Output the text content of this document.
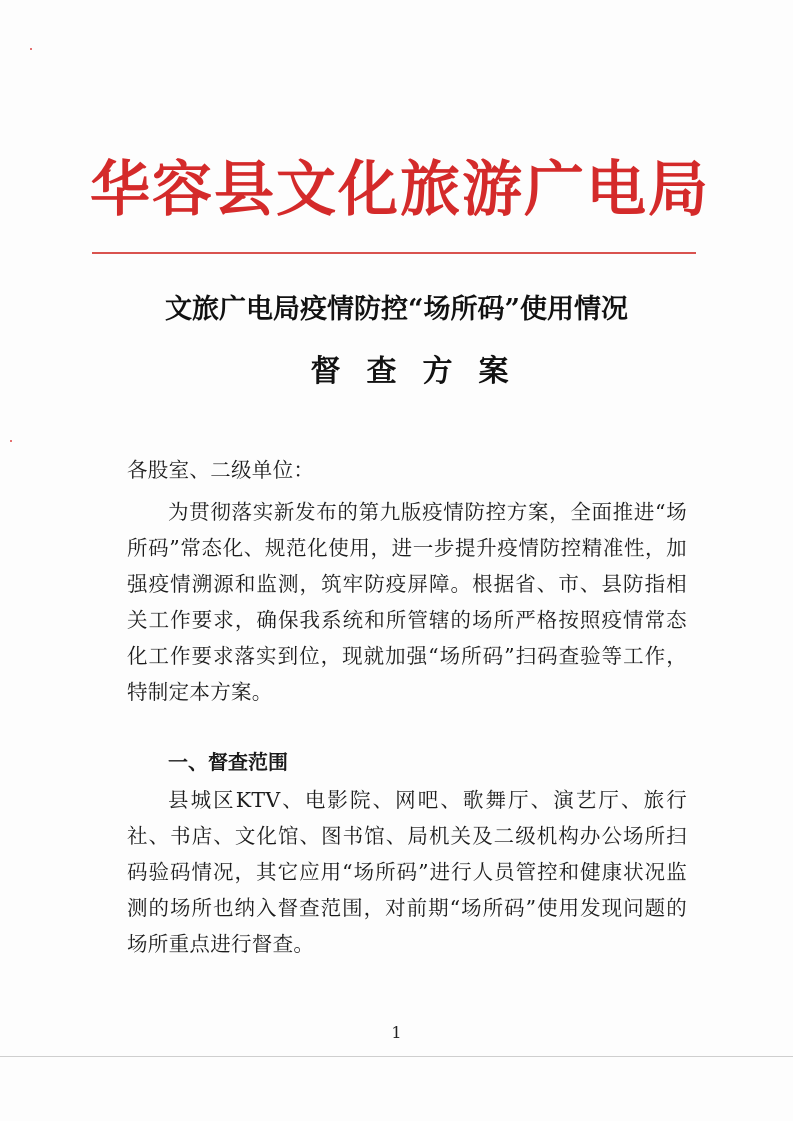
华容县文化旅游广电局
文旅广电局疫情防控“场所码”使用情况
督查方案
各股室、二级单位：
为贯彻落实新发布的第九版疫情防控方案，全面推进“场所码”常态化、规范化使用，进一步提升疫情防控精准性，加强疫情溯源和监测，筑牢防疫屏障。根据省、市、县防指相关工作要求，确保我系统和所管辖的场所严格按照疫情常态化工作要求落实到位，现就加强“场所码”扫码查验等工作，特制定本方案。
一、督查范围
县城区KTV、电影院、网吧、歌舞厅、演艺厅、旅行社、书店、文化馆、图书馆、局机关及二级机构办公场所扫码验码情况，其它应用“场所码”进行人员管控和健康状况监测的场所也纳入督查范围，对前期“场所码”使用发现问题的场所重点进行督查。
1
